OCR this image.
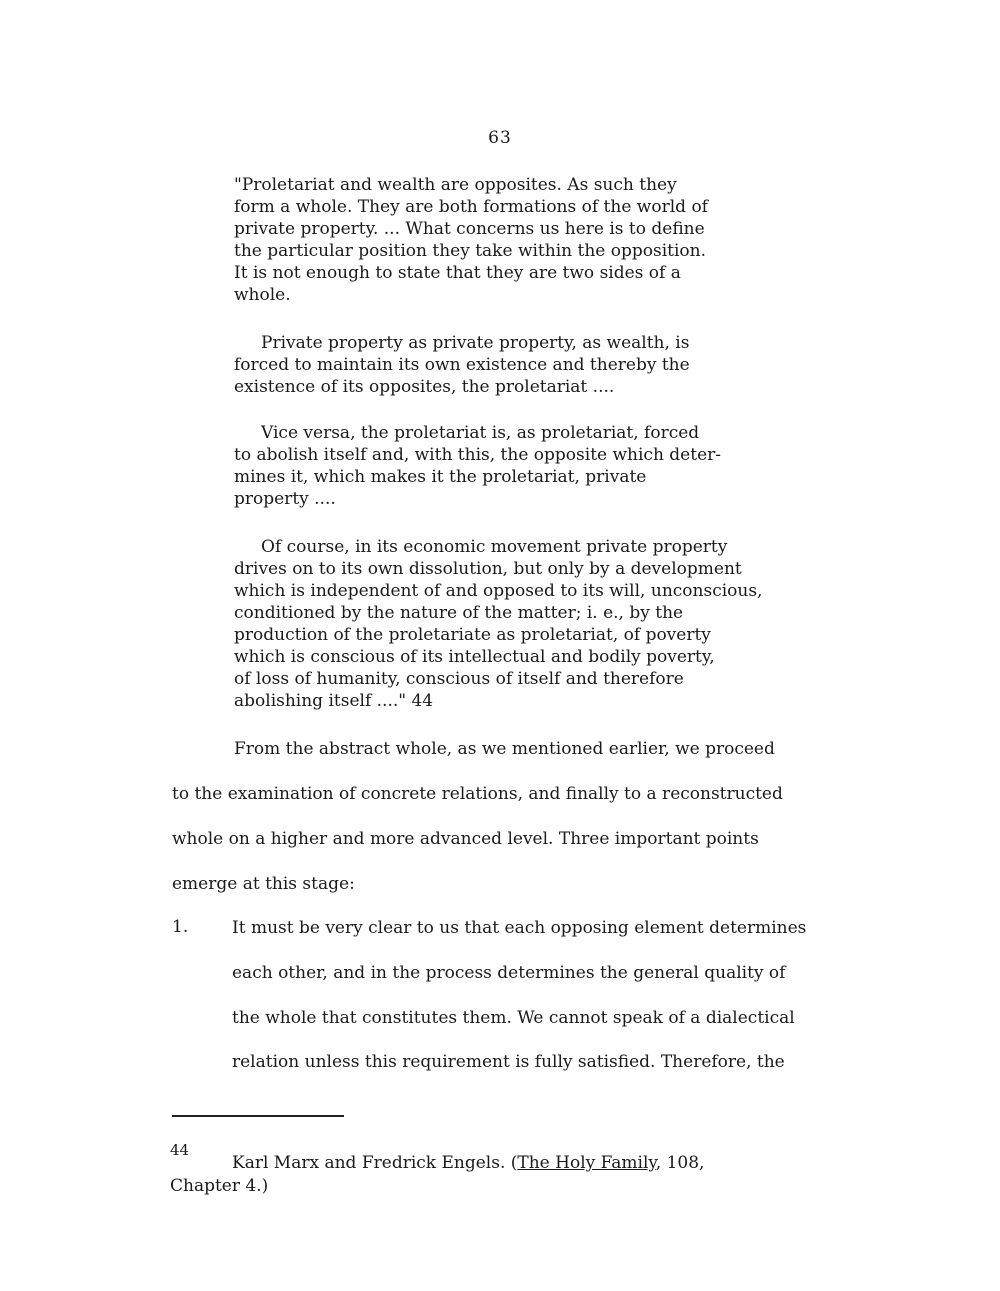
63
"Proletariat and wealth are opposites. As such they
form a whole. They are both formations of the world of
private property. ... What concerns us here is to define
the particular position they take within the opposition.
It is not enough to state that they are two sides of a
whole.
Private property as private property, as wealth, is
forced to maintain its own existence and thereby the
existence of its opposites, the proletariat ....
Vice versa, the proletariat is, as proletariat, forced
to abolish itself and, with this, the opposite which deter-
mines it, which makes it the proletariat, private
property ....
Of course, in its economic movement private property
drives on to its own dissolution, but only by a development
which is independent of and opposed to its will, unconscious,
conditioned by the nature of the matter; i. e., by the
production of the proletariate as proletariat, of poverty
which is conscious of its intellectual and bodily poverty,
of loss of humanity, conscious of itself and therefore
abolishing itself ...." 44
From the abstract whole, as we mentioned earlier, we proceed
to the examination of concrete relations, and finally to a reconstructed
whole on a higher and more advanced level. Three important points
emerge at this stage:
1.	It must be very clear to us that each opposing element determines
each other, and in the process determines the general quality of
the whole that constitutes them. We cannot speak of a dialectical
relation unless this requirement is fully satisfied. Therefore, the
44
Karl Marx and Fredrick Engels. (The Holy Family, 108,
Chapter 4.)
